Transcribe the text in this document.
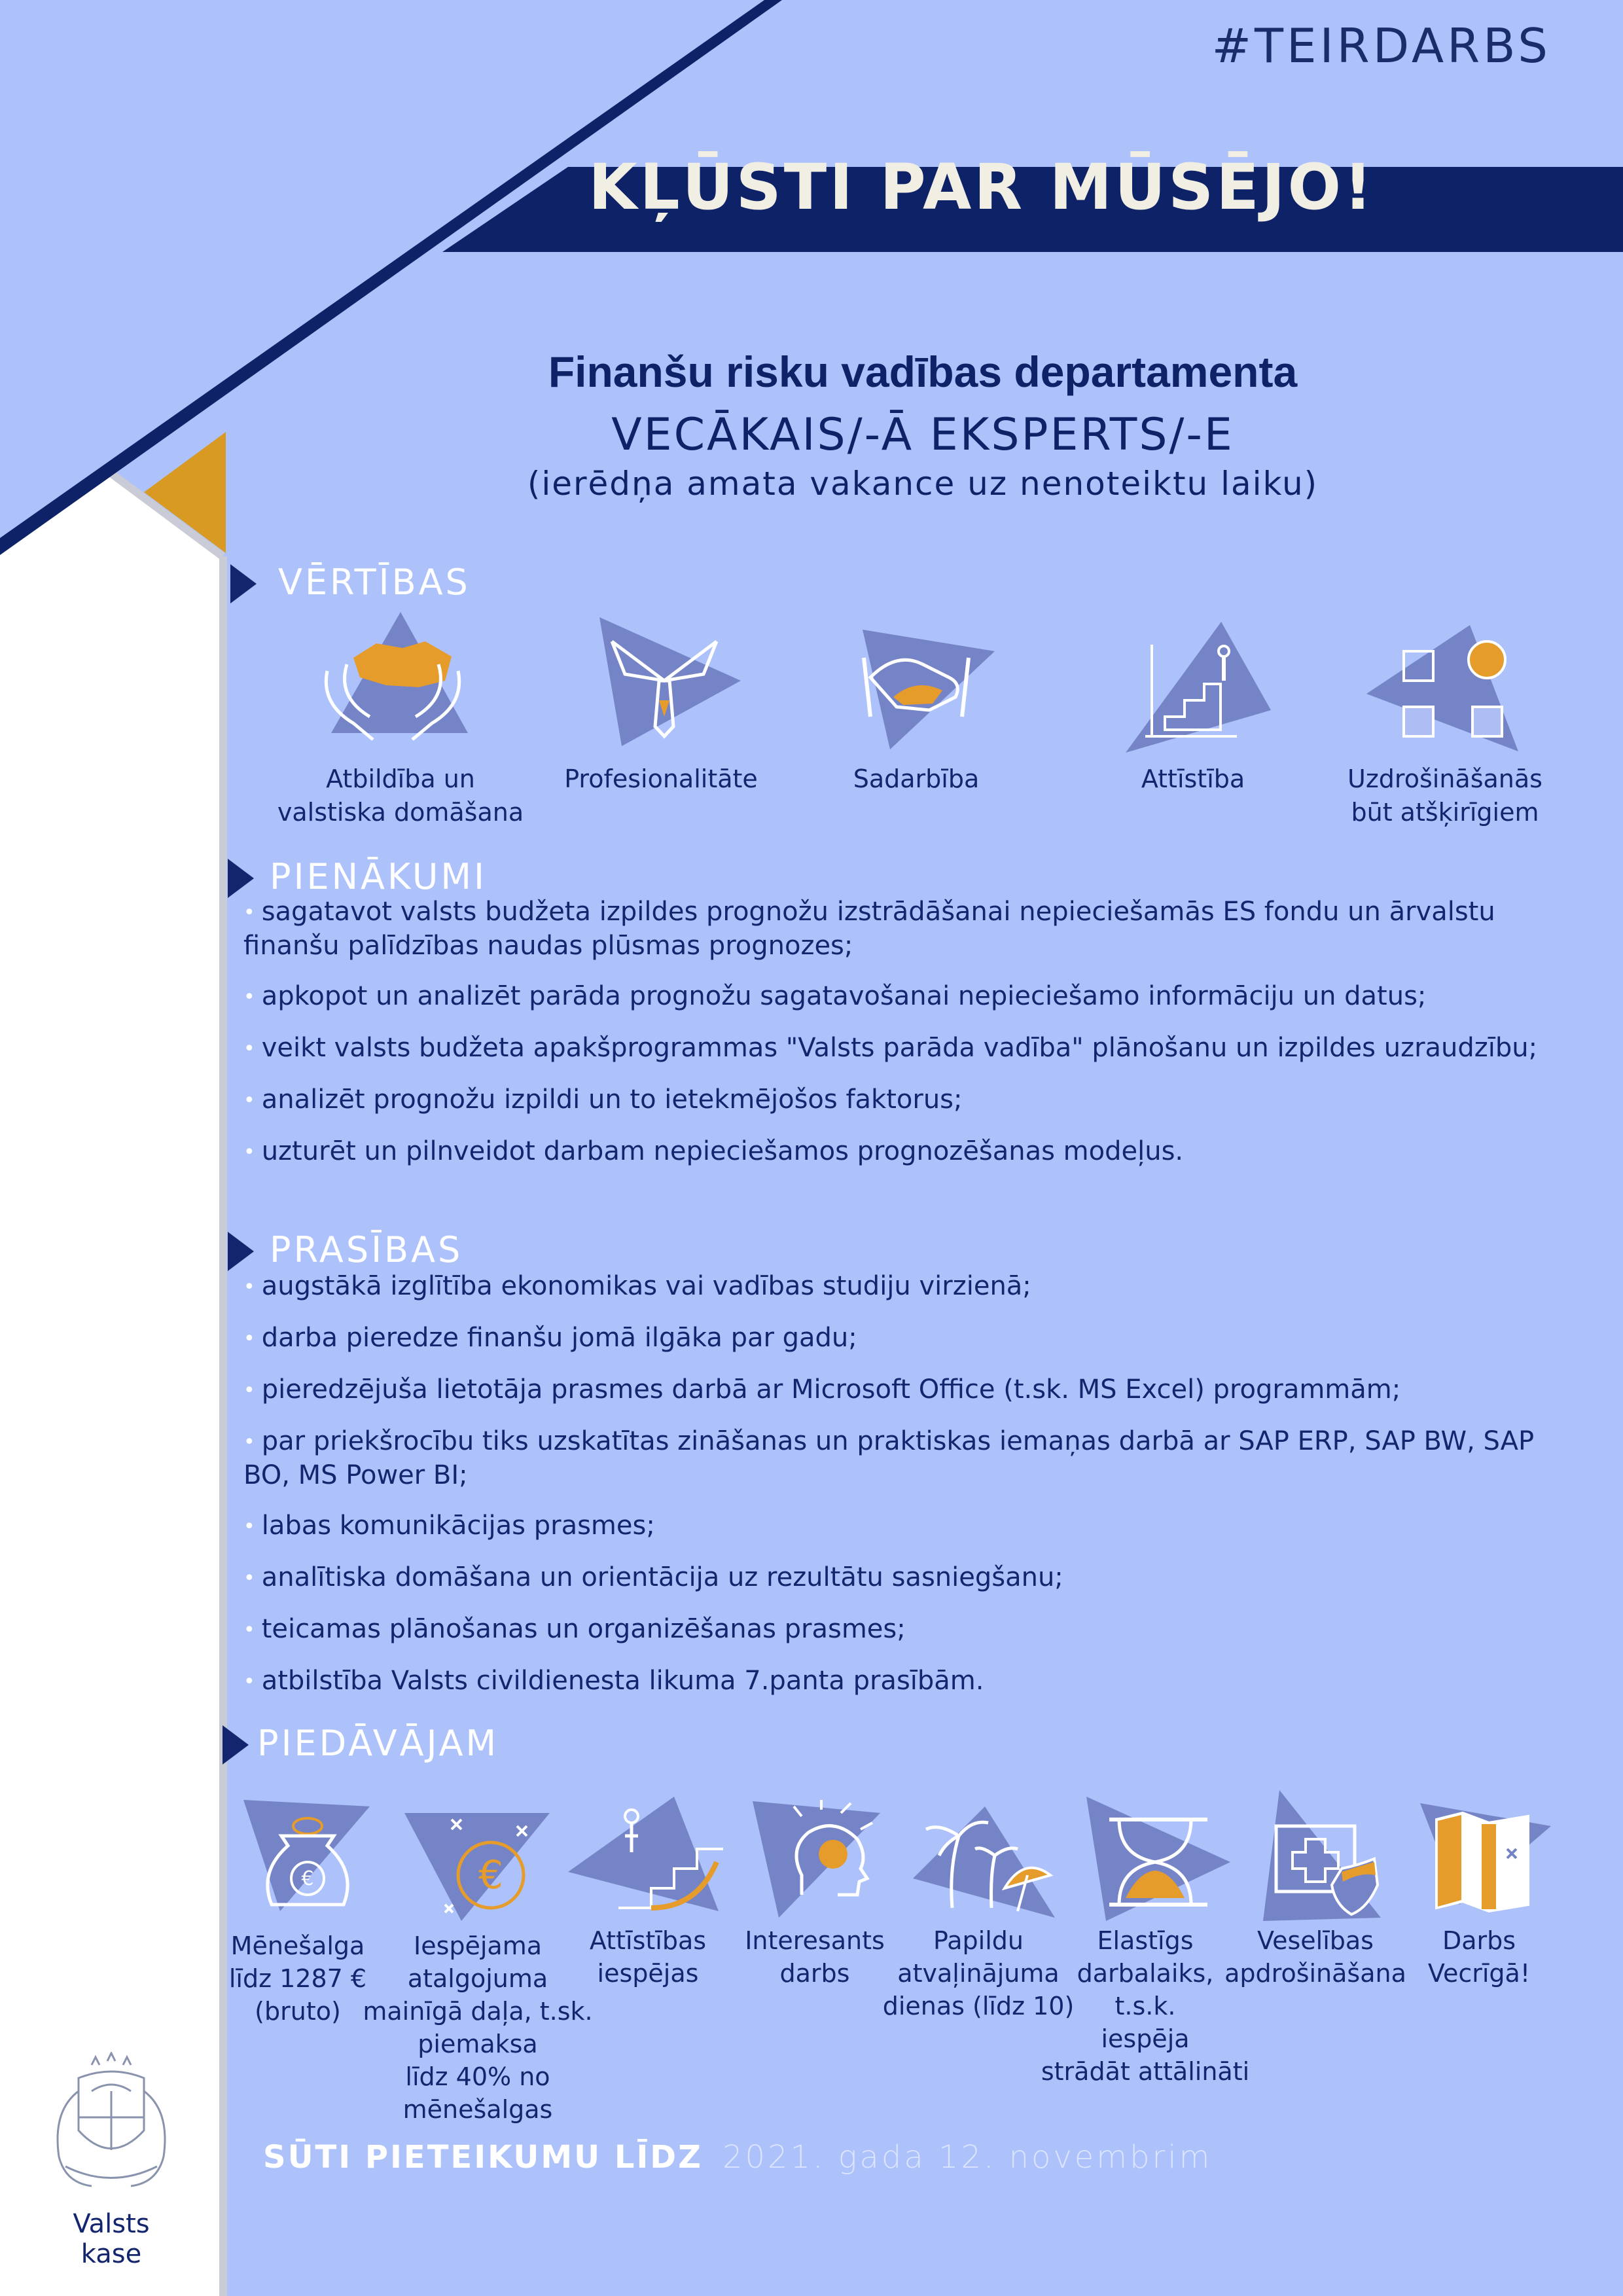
#TEIRDARBS
KĻŪSTI PAR MŪSĒJO!
Finanšu risku vadības departamenta
VECĀKAIS/-Ā EKSPERTS/-E
(ierēdņa amata vakance uz nenoteiktu laiku)
VĒRTĪBAS
Atbildība un
valstiska domāšana
Profesionalitāte	Sadarbība	Attīstība	Uzdrošināšanās
būt atšķirīgiem
PIENĀKUMI
• sagatavot valsts budžeta izpildes prognožu izstrādāšanai nepieciešamās ES fondu un ārvalstu finanšu palīdzības naudas plūsmas prognozes;
• apkopot un analizēt parāda prognožu sagatavošanai nepieciešamo informāciju un datus;
• veikt valsts budžeta apakšprogrammas "Valsts parāda vadība" plānošanu un izpildes uzraudzību;
• analizēt prognožu izpildi un to ietekmējošos faktorus;
• uzturēt un pilnveidot darbam nepieciešamos prognozēšanas modeļus.
PRASĪBAS
• augstākā izglītība ekonomikas vai vadības studiju virzienā;
• darba pieredze finanšu jomā ilgāka par gadu;
• pieredzējuša lietotāja prasmes darbā ar Microsoft Office (t.sk. MS Excel) programmām;
• par priekšrocību tiks uzskatītas zināšanas un praktiskas iemaņas darbā ar SAP ERP, SAP BW, SAP BO, MS Power BI;
• labas komunikācijas prasmes;
• analītiska domāšana un orientācija uz rezultātu sasniegšanu;
• teicamas plānošanas un organizēšanas prasmes;
• atbilstība Valsts civildienesta likuma 7.panta prasībām.
PIEDĀVĀJAM
€	€
Mēnešalga
līdz 1287 €
(bruto)
Iespējama
atalgojuma
mainīgā daļa, t.sk.
piemaksa
līdz 40% no mēnešalgas
Attīstības
iespējas
Interesants
darbs
Papildu
atvaļinājuma
dienas (līdz 10)
Elastīgs
darbalaiks,
t.s.k.
iespēja
strādāt attālināti
Veselības
apdrošināšana
Darbs
Vecrīgā!
SŪTI PIETEIKUMU LĪDZ 2021. gada 12. novembrim
Valsts kase
